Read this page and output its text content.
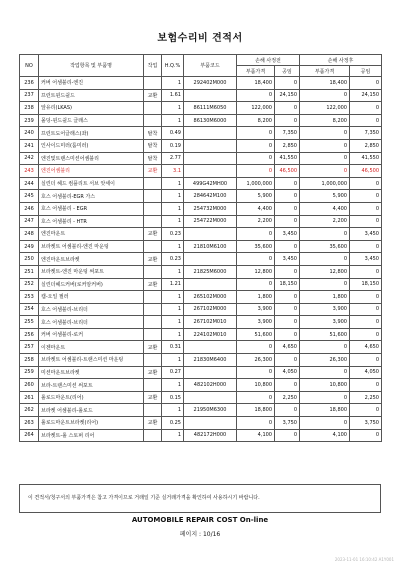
보험수리비 견적서
NO	작업항목 및 부품명	작업	H.Q.%	부품코드	손해 사정전		손해 사정후	
					부품가격	공임	부품가격	공임
236	커버 어셈블리-엔진		1	292402M000	18,400	0	18,400	0
237	프런트윈드쉴드	교환	1.61		0	24,150	0	24,150
238	앞유리(LKAS)		1	86111M6050	122,000	0	122,000	0
239	몰딩-윈드쉴드 글래스		1	86130M6000	8,200	0	8,200	0
240	프런트도어글래스(좌)	탈착	0.49		0	7,350	0	7,350
241	인사이드미러(룸미러)	탈착	0.19		0	2,850	0	2,850
242	엔진및트랜스미션어셈블리	탈착	2.77		0	41,550	0	41,550
243	엔진어셈블리	교환	3.1		0	46,500	0	46,500
244	실린더 헤드 컴플리트 서브 앗세이		1	499G42MH00	1,000,000	0	1,000,000	0
245	호스 어셈블리-EGR 가스		1	284642M100	5,900	0	5,900	0
246	호스 어셈블리 - EGR		1	254732M000	4,400	0	4,400	0
247	호스 어셈블리 - HTR		1	254722M000	2,200	0	2,200	0
248	엔진마운트	교환	0.23		0	3,450	0	3,450
249	브라켓트 어셈블리-엔진 마운팅		1	21810M6100	35,600	0	35,600	0
250	엔진마운트브라켓	교환	0.23		0	3,450	0	3,450
251	브라켓트-엔진 마운팅 써포트		1	21825M6000	12,800	0	12,800	0
252	실린더헤드커버(로커암커버)	교환	1.21		0	18,150	0	18,150
253	캡-오일 필러		1	265102M000	1,800	0	1,800	0
254	호스 어셈블리-브리더		1	267102M000	3,900	0	3,900	0
255	호스 어셈블리-브리더		1	267102M010	3,900	0	3,900	0
256	커버 어셈블리-로커		1	224102M010	51,600	0	51,600	0
257	이젠마운트	교환	0.31		0	4,650	0	4,650
258	브라켓트 어셈블리-트랜스미션 마운팅		1	21830M6400	26,300	0	26,300	0
259	미션마운트브라켓	교환	0.27		0	4,050	0	4,050
260	브라-트랜스미션 써포트		1	482102H000	10,800	0	10,800	0
261	롤로드마운트(리어)	교환	0.15		0	2,250	0	2,250
262	브라켓 어셈블리-롤로드		1	21950M6300	18,800	0	18,800	0
263	롤로드마운트브라켓(리어)	교환	0.25		0	3,750	0	3,750
264	브라켓트-롤 스토퍼 리어		1	482172H000	4,100	0	4,100	0
이 견적서/청구서의 부품가격은 참고 가격이므로 거래일 기준 실거래가격을 확인하여 사용하시기 바랍니다.
AUTOMOBILE REPAIR COST On-line
페이지 : 10/16
2023-11-01 16:10:42 A1Y001
